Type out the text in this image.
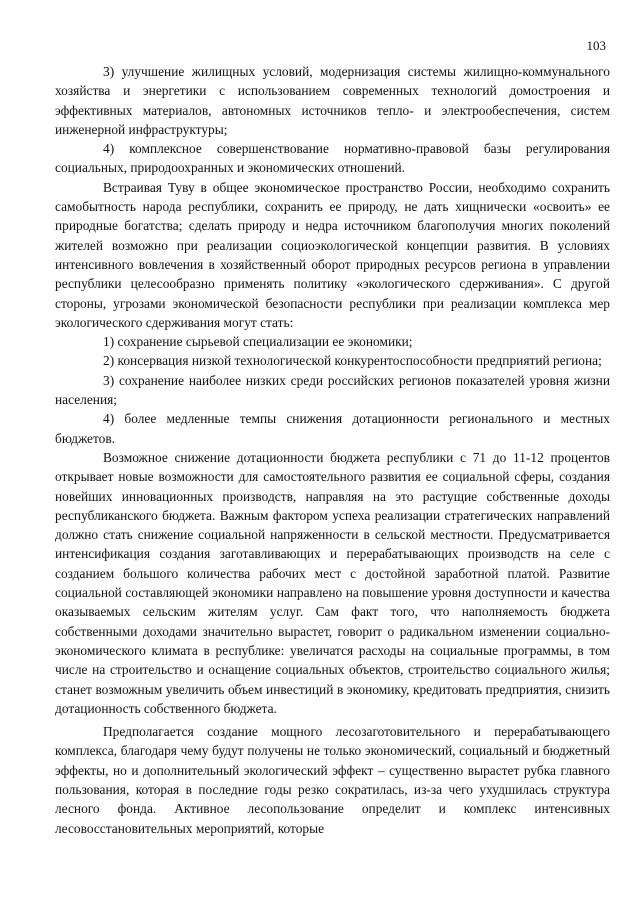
103

3) улучшение жилищных условий, модернизация системы жилищно-коммунального хозяйства и энергетики с использованием современных технологий домостроения и эффективных материалов, автономных источников тепло- и электрообеспечения, систем инженерной инфраструктуры;

4) комплексное совершенствование нормативно-правовой базы регулирования социальных, природоохранных и экономических отношений.

Встраивая Туву в общее экономическое пространство России, необходимо сохранить самобытность народа республики, сохранить ее природу, не дать хищнически «освоить» ее природные богатства; сделать природу и недра источником благополучия многих поколений жителей возможно при реализации социоэкологической концепции развития. В условиях интенсивного вовлечения в хозяйственный оборот природных ресурсов региона в управлении республики целесообразно применять политику «экологического сдерживания». С другой стороны, угрозами экономической безопасности республики при реализации комплекса мер экологического сдерживания могут стать:

1) сохранение сырьевой специализации ее экономики;

2) консервация низкой технологической конкурентоспособности предприятий региона;

3) сохранение наиболее низких среди российских регионов показателей уровня жизни населения;

4) более медленные темпы снижения дотационности регионального и местных бюджетов.

Возможное снижение дотационности бюджета республики с 71 до 11-12 процентов открывает новые возможности для самостоятельного развития ее социальной сферы, создания новейших инновационных производств, направляя на это растущие собственные доходы республиканского бюджета. Важным фактором успеха реализации стратегических направлений должно стать снижение социальной напряженности в сельской местности. Предусматривается интенсификация создания заготавливающих и перерабатывающих производств на селе с созданием большого количества рабочих мест с достойной заработной платой. Развитие социальной составляющей экономики направлено на повышение уровня доступности и качества оказываемых сельским жителям услуг. Сам факт того, что наполняемость бюджета собственными доходами значительно вырастет, говорит о радикальном изменении социально-экономического климата в республике: увеличатся расходы на социальные программы, в том числе на строительство и оснащение социальных объектов, строительство социального жилья; станет возможным увеличить объем инвестиций в экономику, кредитовать предприятия, снизить дотационность собственного бюджета.

Предполагается создание мощного лесозаготовительного и перерабатывающего комплекса, благодаря чему будут получены не только экономический, социальный и бюджетный эффекты, но и дополнительный экологический эффект – существенно вырастет рубка главного пользования, которая в последние годы резко сократилась, из-за чего ухудшилась структура лесного фонда. Активное лесопользование определит и комплекс интенсивных лесовосстановительных мероприятий, которые
